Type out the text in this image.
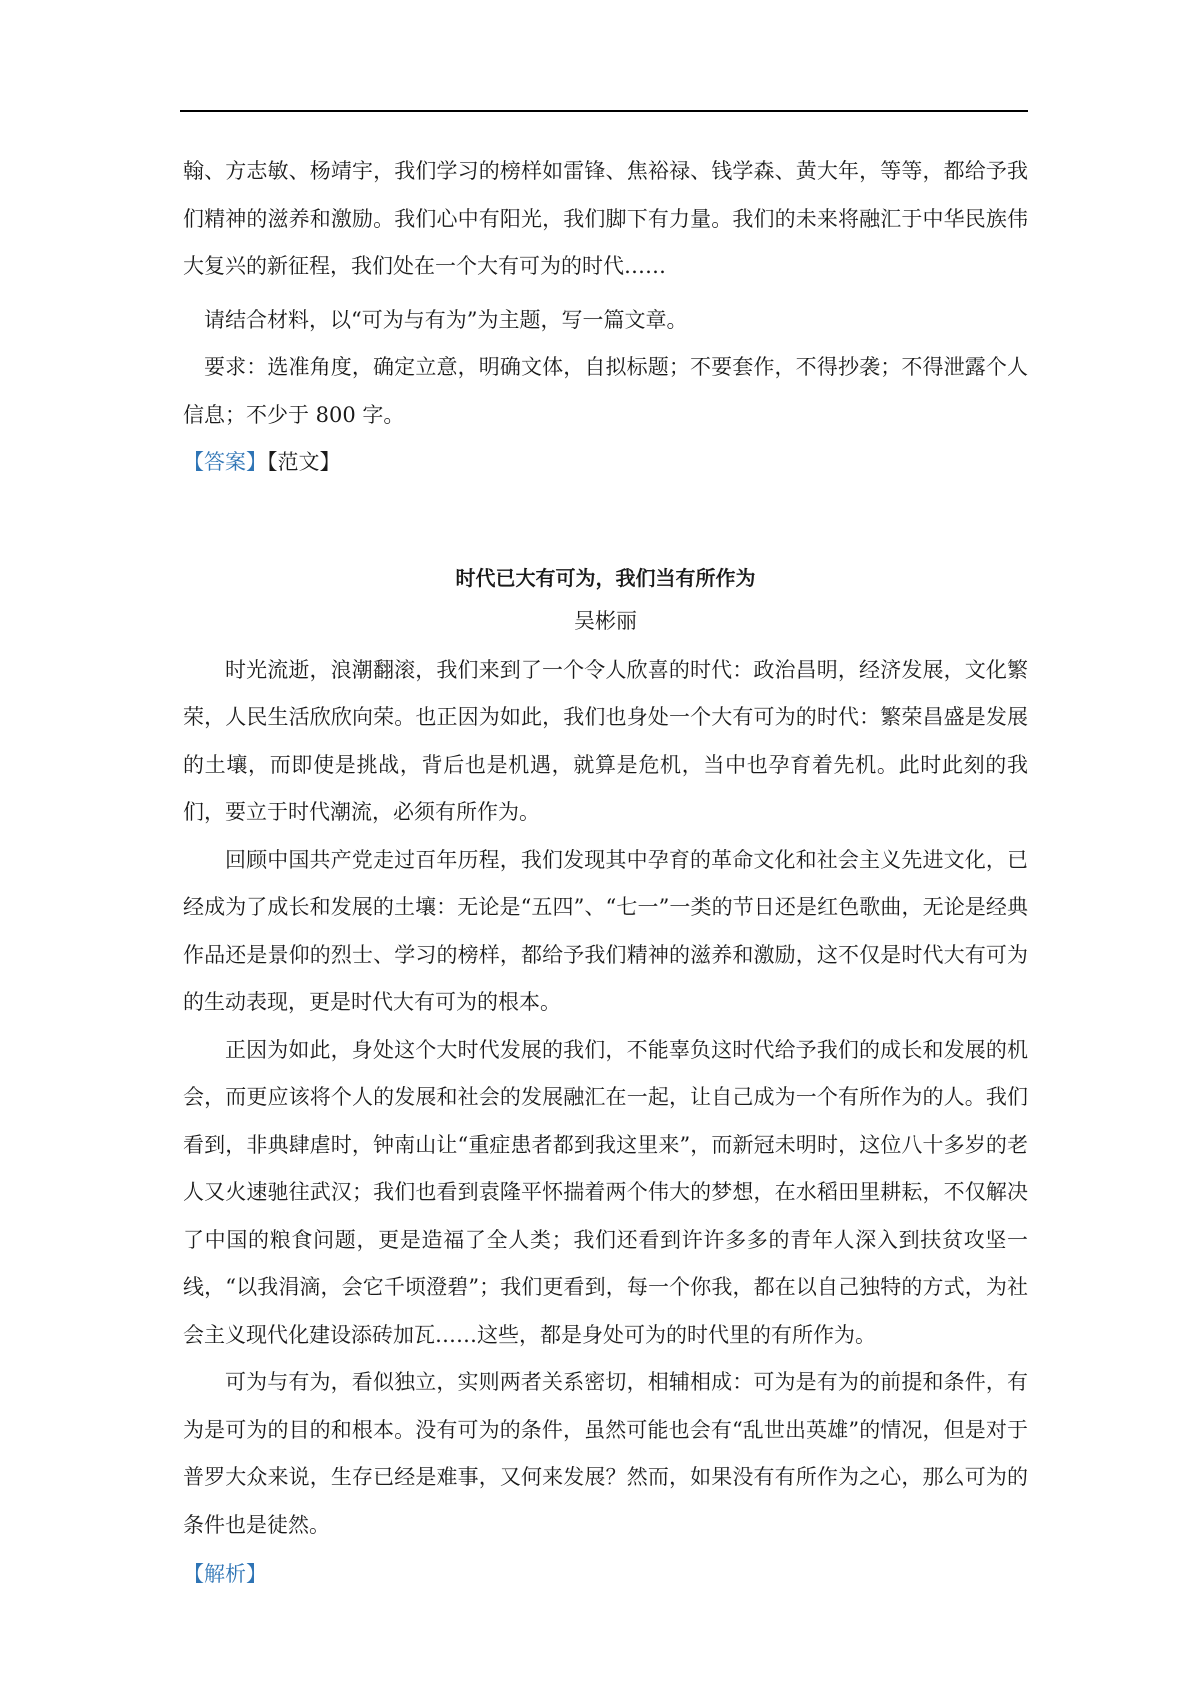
翰、方志敏、杨靖宇，我们学习的榜样如雷锋、焦裕禄、钱学森、黄大年，等等，都给予我们精神的滋养和激励。我们心中有阳光，我们脚下有力量。我们的未来将融汇于中华民族伟大复兴的新征程，我们处在一个大有可为的时代……

请结合材料，以“可为与有为”为主题，写一篇文章。

要求：选准角度，确定立意，明确文体，自拟标题；不要套作，不得抄袭；不得泄露个人信息；不少于 800 字。

【答案】【范文】

时代已大有可为，我们当有所作为

吴彬丽

时光流逝，浪潮翻滚，我们来到了一个令人欣喜的时代：政治昌明，经济发展，文化繁荣，人民生活欣欣向荣。也正因为如此，我们也身处一个大有可为的时代：繁荣昌盛是发展的土壤，而即使是挑战，背后也是机遇，就算是危机，当中也孕育着先机。此时此刻的我们，要立于时代潮流，必须有所作为。

回顾中国共产党走过百年历程，我们发现其中孕育的革命文化和社会主义先进文化，已经成为了成长和发展的土壤：无论是“五四”、“七一”一类的节日还是红色歌曲，无论是经典作品还是景仰的烈士、学习的榜样，都给予我们精神的滋养和激励，这不仅是时代大有可为的生动表现，更是时代大有可为的根本。

正因为如此，身处这个大时代发展的我们，不能辜负这时代给予我们的成长和发展的机会，而更应该将个人的发展和社会的发展融汇在一起，让自己成为一个有所作为的人。我们看到，非典肆虐时，钟南山让“重症患者都到我这里来”，而新冠未明时，这位八十多岁的老人又火速驰往武汉；我们也看到袁隆平怀揣着两个伟大的梦想，在水稻田里耕耘，不仅解决了中国的粮食问题，更是造福了全人类；我们还看到许许多多的青年人深入到扶贫攻坚一线，“以我涓滴，会它千顷澄碧”；我们更看到，每一个你我，都在以自己独特的方式，为社会主义现代化建设添砖加瓦……这些，都是身处可为的时代里的有所作为。

可为与有为，看似独立，实则两者关系密切，相辅相成：可为是有为的前提和条件，有为是可为的目的和根本。没有可为的条件，虽然可能也会有“乱世出英雄”的情况，但是对于普罗大众来说，生存已经是难事，又何来发展？然而，如果没有有所作为之心，那么可为的条件也是徒然。

【解析】
